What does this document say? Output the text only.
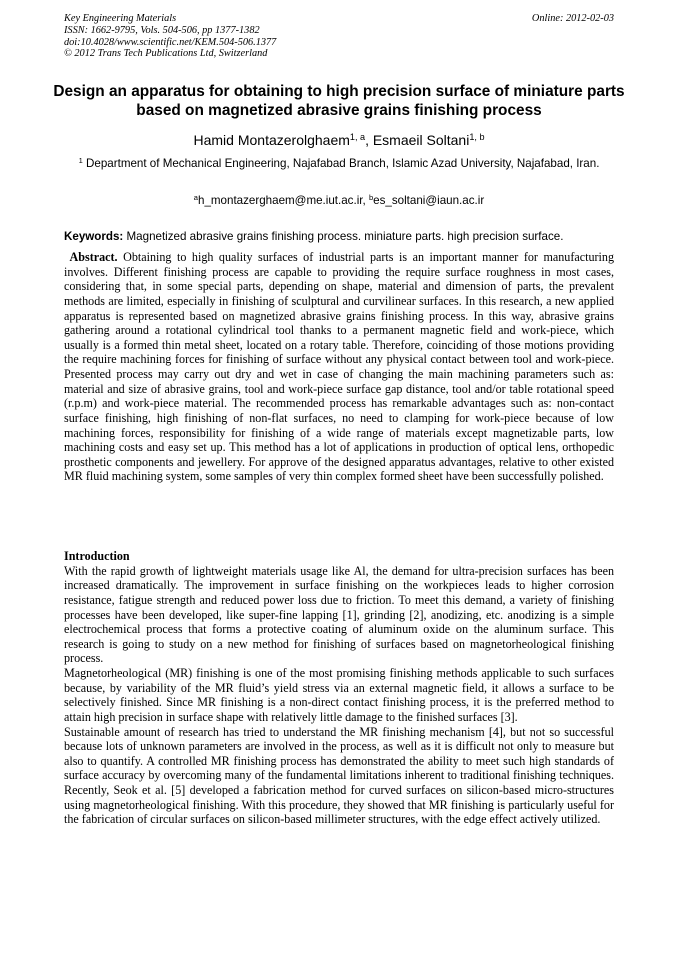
Key Engineering Materials
ISSN: 1662-9795, Vols. 504-506, pp 1377-1382
doi:10.4028/www.scientific.net/KEM.504-506.1377
© 2012 Trans Tech Publications Ltd, Switzerland
Online: 2012-02-03
Design an apparatus for obtaining to high precision surface of miniature parts based on magnetized abrasive grains finishing process
Hamid Montazerolghaem$^{1, a}$, Esmaeil Soltani$^{1, b}$
$^1$ Department of Mechanical Engineering, Najafabad Branch, Islamic Azad University, Najafabad, Iran.
$^a$h_montazerghaem@me.iut.ac.ir, $^b$es_soltani@iaun.ac.ir
Keywords: Magnetized abrasive grains finishing process. miniature parts. high precision surface.
Abstract. Obtaining to high quality surfaces of industrial parts is an important manner for manufacturing involves. Different finishing process are capable to providing the require surface roughness in most cases, considering that, in some special parts, depending on shape, material and dimension of parts, the prevalent methods are limited, especially in finishing of sculptural and curvilinear surfaces. In this research, a new applied apparatus is represented based on magnetized abrasive grains finishing process. In this way, abrasive grains gathering around a rotational cylindrical tool thanks to a permanent magnetic field and work-piece, which usually is a formed thin metal sheet, located on a rotary table. Therefore, coinciding of those motions providing the require machining forces for finishing of surface without any physical contact between tool and work-piece. Presented process may carry out dry and wet in case of changing the main machining parameters such as: material and size of abrasive grains, tool and work-piece surface gap distance, tool and/or table rotational speed (r.p.m) and work-piece material. The recommended process has remarkable advantages such as: non-contact surface finishing, high finishing of non-flat surfaces, no need to clamping for work-piece because of low machining forces, responsibility for finishing of a wide range of materials except magnetizable parts, low machining costs and easy set up. This method has a lot of applications in production of optical lens, orthopedic prosthetic components and jewellery. For approve of the designed apparatus advantages, relative to other existed MR fluid machining system, some samples of very thin complex formed sheet have been successfully polished.
Introduction

With the rapid growth of lightweight materials usage like Al, the demand for ultra-precision surfaces has been increased dramatically. The improvement in surface finishing on the workpieces leads to higher corrosion resistance, fatigue strength and reduced power loss due to friction. To meet this demand, a variety of finishing processes have been developed, like super-fine lapping [1], grinding [2], anodizing, etc. anodizing is a simple electrochemical process that forms a protective coating of aluminum oxide on the aluminum surface. This research is going to study on a new method for finishing of surfaces based on magnetorheological finishing process.

Magnetorheological (MR) finishing is one of the most promising finishing methods applicable to such surfaces because, by variability of the MR fluid’s yield stress via an external magnetic field, it allows a surface to be selectively finished. Since MR finishing is a non-direct contact finishing process, it is the preferred method to attain high precision in surface shape with relatively little damage to the finished surfaces [3].

Sustainable amount of research has tried to understand the MR finishing mechanism [4], but not so successful because lots of unknown parameters are involved in the process, as well as it is difficult not only to measure but also to quantify. A controlled MR finishing process has demonstrated the ability to meet such high standards of surface accuracy by overcoming many of the fundamental limitations inherent to traditional finishing techniques. Recently, Seok et al. [5] developed a fabrication method for curved surfaces on silicon-based micro-structures using magnetorheological finishing. With this procedure, they showed that MR finishing is particularly useful for the fabrication of circular surfaces on silicon-based millimeter structures, with the edge effect actively utilized.
